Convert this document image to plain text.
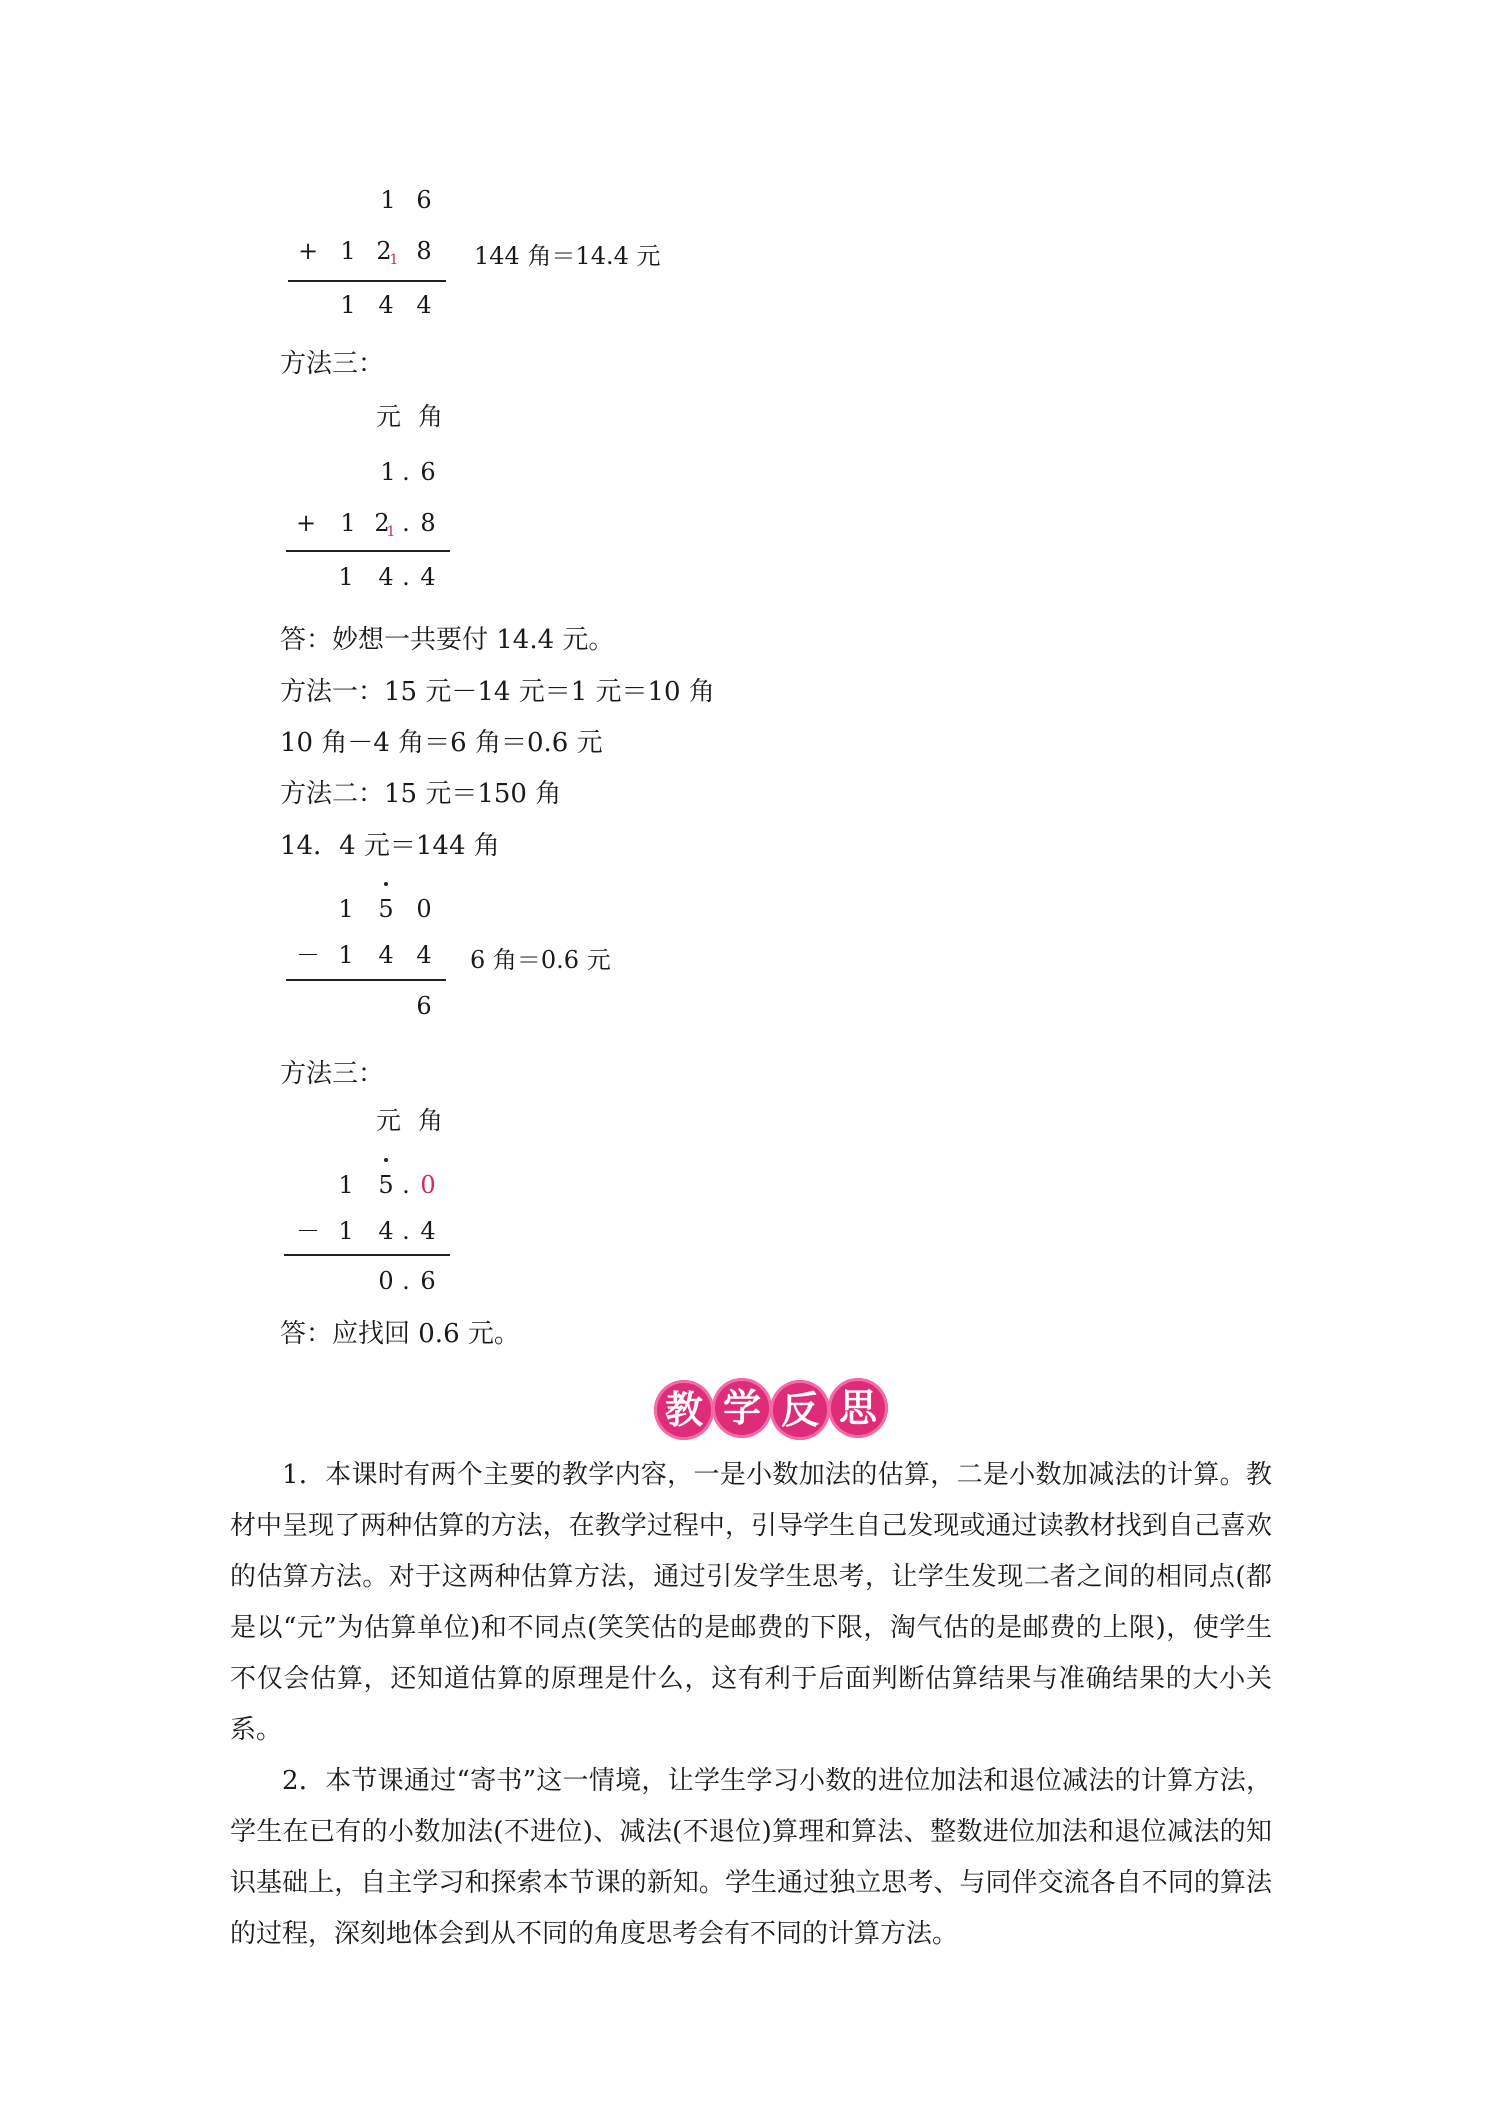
1 6
+ 1 2
1 8
1 4 4
144 角＝14.4 元
方法三：
元 角
1 . 6
+ 1 2
1 . 8
1 4 . 4
答：妙想一共要付 14.4 元。
方法一：15 元－14 元＝1 元＝10 角
10 角－4 角＝6 角＝0.6 元
方法二：15 元＝150 角
14．4 元＝144 角
1 5 0
－ 1 4 4
6
6 角＝0.6 元
方法三：
元 角
1 5 . 0
－ 1 4 . 4
0 . 6
答：应找回 0.6 元。
教 学 反 思

1．本课时有两个主要的教学内容，一是小数加法的估算，二是小数加减法的计算。教材中呈现了两种估算的方法，在教学过程中，引导学生自己发现或通过读教材找到自己喜欢的估算方法。对于这两种估算方法，通过引发学生思考，让学生发现二者之间的相同点(都是以“元”为估算单位)和不同点(笑笑估的是邮费的下限，淘气估的是邮费的上限)，使学生不仅会估算，还知道估算的原理是什么，这有利于后面判断估算结果与准确结果的大小关系。

2．本节课通过“寄书”这一情境，让学生学习小数的进位加法和退位减法的计算方法，学生在已有的小数加法(不进位)、减法(不退位)算理和算法、整数进位加法和退位减法的知识基础上，自主学习和探索本节课的新知。学生通过独立思考、与同伴交流各自不同的算法的过程，深刻地体会到从不同的角度思考会有不同的计算方法。
